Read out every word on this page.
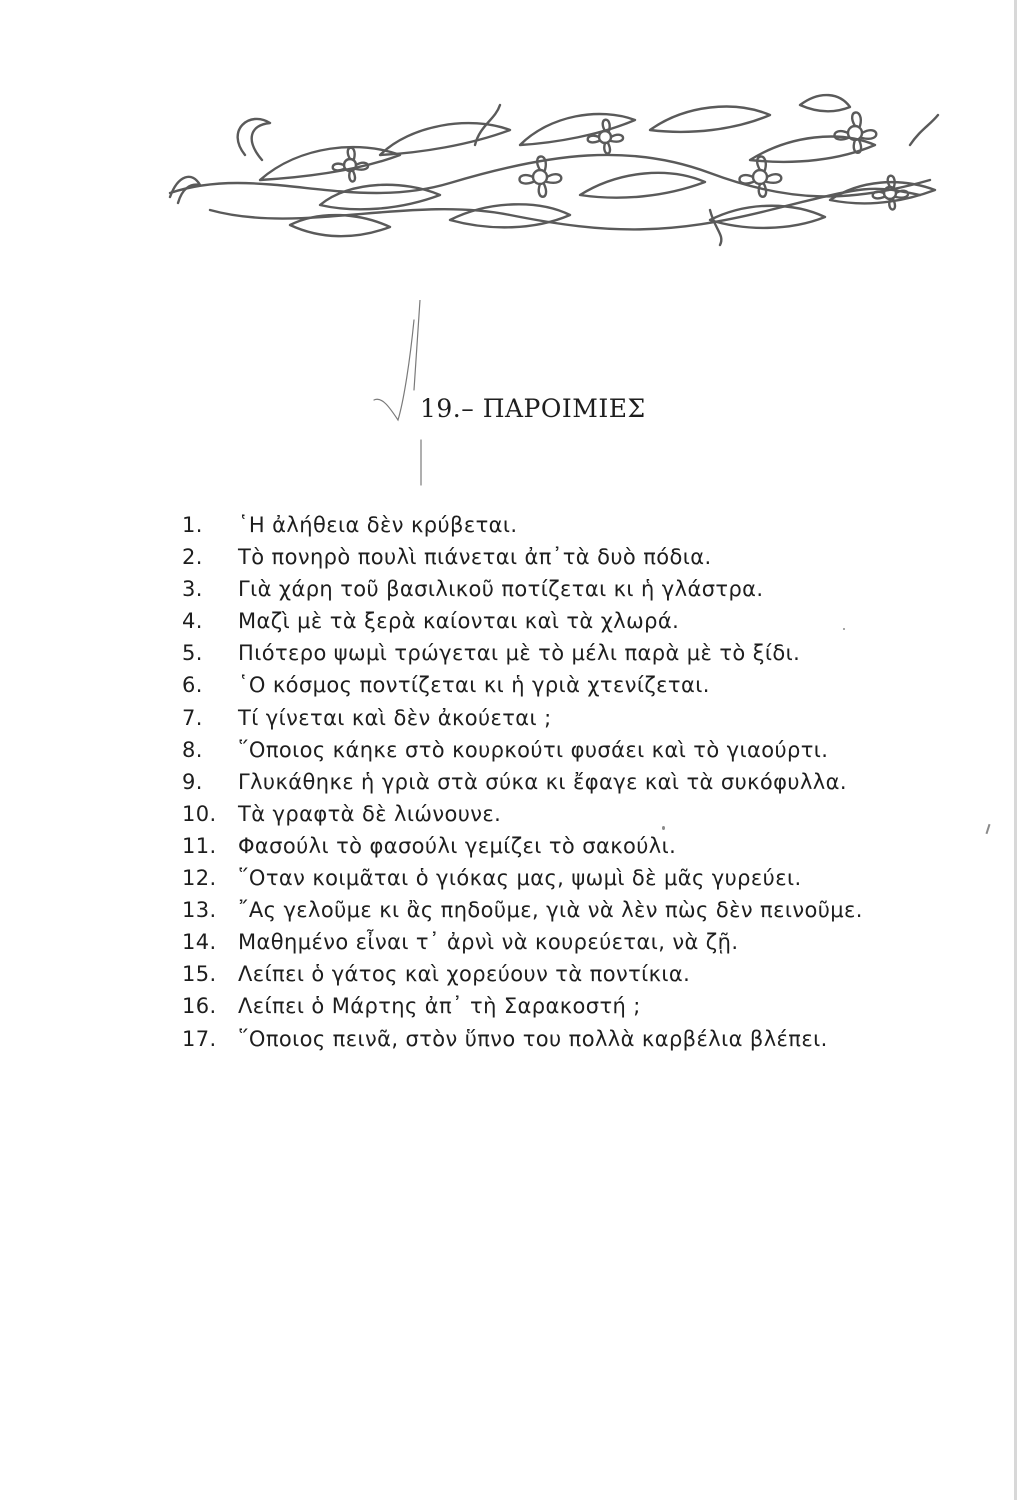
19.– ΠΑΡΟΙΜΙΕΣ
1.	῾Η ἀλήθεια δὲν κρύβεται.
2.	Τὸ πονηρὸ πουλὶ πιάνεται ἀπ᾿τὰ δυὸ πόδια.
3.	Γιὰ χάρη τοῦ βασιλικοῦ ποτίζεται κι ἡ γλάστρα.
4.	Μαζὶ μὲ τὰ ξερὰ καίονται καὶ τὰ χλωρά.
5.	Πιότερο ψωμὶ τρώγεται μὲ τὸ μέλι παρὰ μὲ τὸ ξίδι.
6.	῾Ο κόσμος ποντίζεται κι ἡ γριὰ χτενίζεται.
7.	Τί γίνεται καὶ δὲν ἀκούεται ;
8.	῞Οποιος κάηκε στὸ κουρκούτι φυσάει καὶ τὸ γιαούρτι.
9.	Γλυκάθηκε ἡ γριὰ στὰ σύκα κι ἔφαγε καὶ τὰ συκόφυλλα.
10.	Τὰ γραφτὰ δὲ λιώνουνε.
11.	Φασούλι τὸ φασούλι γεμίζει τὸ σακούλι.
12.	῞Οταν κοιμᾶται ὁ γιόκας μας, ψωμὶ δὲ μᾶς γυρεύει.
13.	῎Ας γελοῦμε κι ἂς πηδοῦμε, γιὰ νὰ λὲν πὼς δὲν πεινοῦμε.
14.	Μαθημένο εἶναι τ᾿ ἀρνὶ νὰ κουρεύεται, νὰ ζῇ.
15.	Λείπει ὁ γάτος καὶ χορεύουν τὰ ποντίκια.
16.	Λείπει ὁ Μάρτης ἀπ᾿ τὴ Σαρακοστή ;
17.	῞Οποιος πεινᾶ, στὸν ὕπνο του πολλὰ καρβέλια βλέπει.
